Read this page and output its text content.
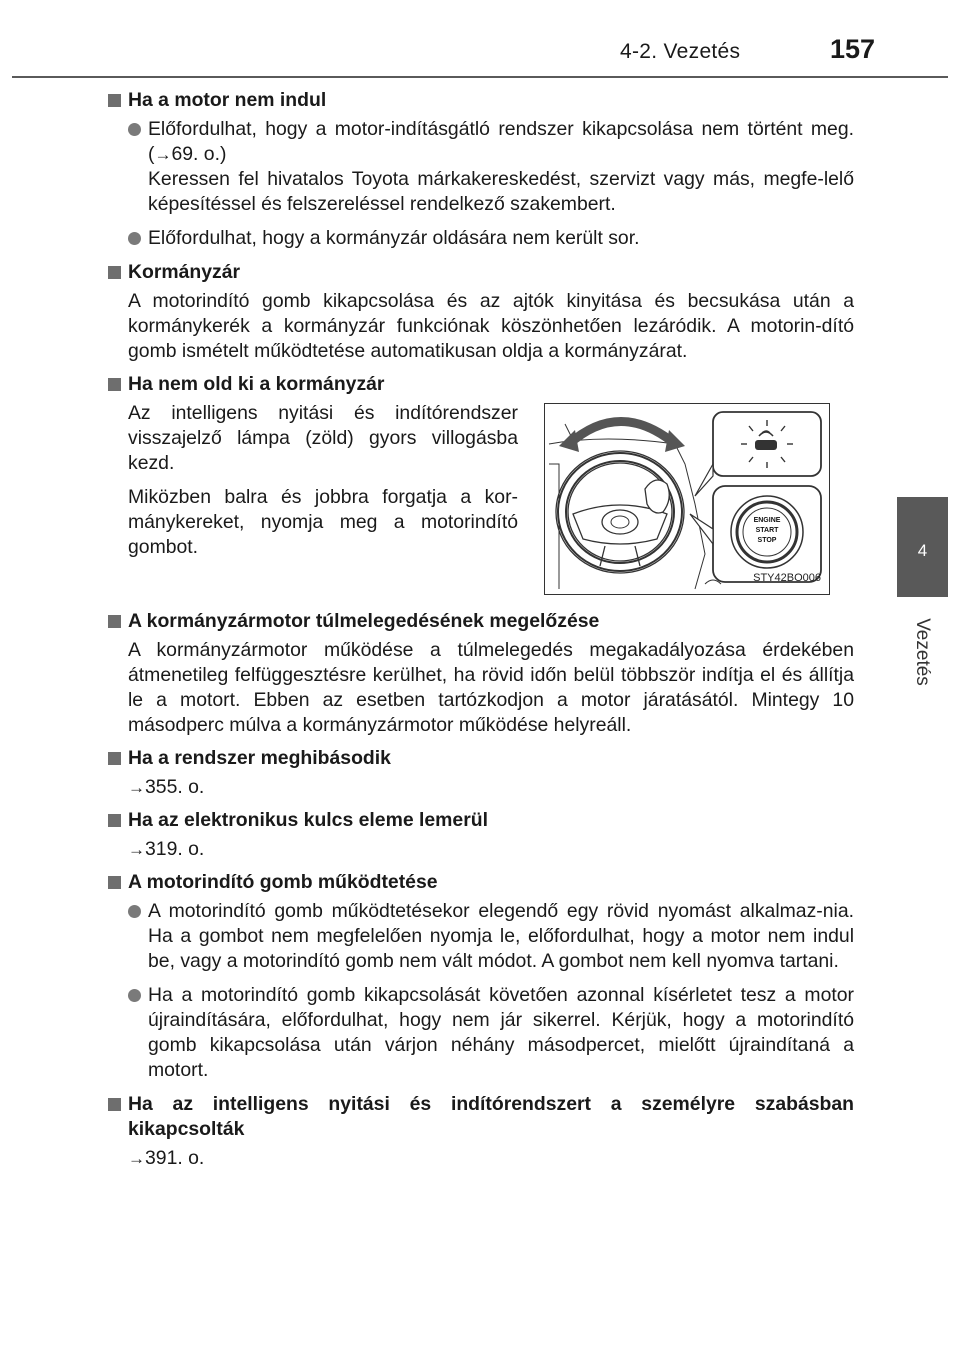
4-2. Vezetés	157
4
Vezetés
Ha a motor nem indul
Előfordulhat, hogy a motor-indításgátló rendszer kikapcsolása nem történt meg. (→69. o.)
Keressen fel hivatalos Toyota márkakereskedést, szervizt vagy más, megfe-lelő képesítéssel és felszereléssel rendelkező szakembert.
Előfordulhat, hogy a kormányzár oldására nem került sor.
Kormányzár
A motorindító gomb kikapcsolása és az ajtók kinyitása és becsukása után a kormánykerék a kormányzár funkciónak köszönhetően lezáródik. A motorin-dító gomb ismételt működtetése automatikusan oldja a kormányzárat.
Ha nem old ki a kormányzár

Az intelligens nyitási és indítórendszer visszajelző lámpa (zöld) gyors villogásba kezd.

Miközben balra és jobbra forgatja a kor-mánykereket, nyomja meg a motorindító gombot.

ENGINE
START
STOP
STY42BO006
A kormányzármotor túlmelegedésének megelőzése
A kormányzármotor működése a túlmelegedés megakadályozása érdekében átmenetileg felfüggesztésre kerülhet, ha rövid időn belül többször indítja el és állítja le a motort. Ebben az esetben tartózkodjon a motor járatásától. Mintegy 10 másodperc múlva a kormányzármotor működése helyreáll.
Ha a rendszer meghibásodik
→355. o.
Ha az elektronikus kulcs eleme lemerül
→319. o.
A motorindító gomb működtetése
A motorindító gomb működtetésekor elegendő egy rövid nyomást alkalmaz-nia. Ha a gombot nem megfelelően nyomja le, előfordulhat, hogy a motor nem indul be, vagy a motorindító gomb nem vált módot. A gombot nem kell nyomva tartani.
Ha a motorindító gomb kikapcsolását követően azonnal kísérletet tesz a motor újraindítására, előfordulhat, hogy nem jár sikerrel. Kérjük, hogy a motorindító gomb kikapcsolása után várjon néhány másodpercet, mielőtt újraindítaná a motort.
Ha az intelligens nyitási és indítórendszert a személyre szabásban kikapcsolták
→391. o.
